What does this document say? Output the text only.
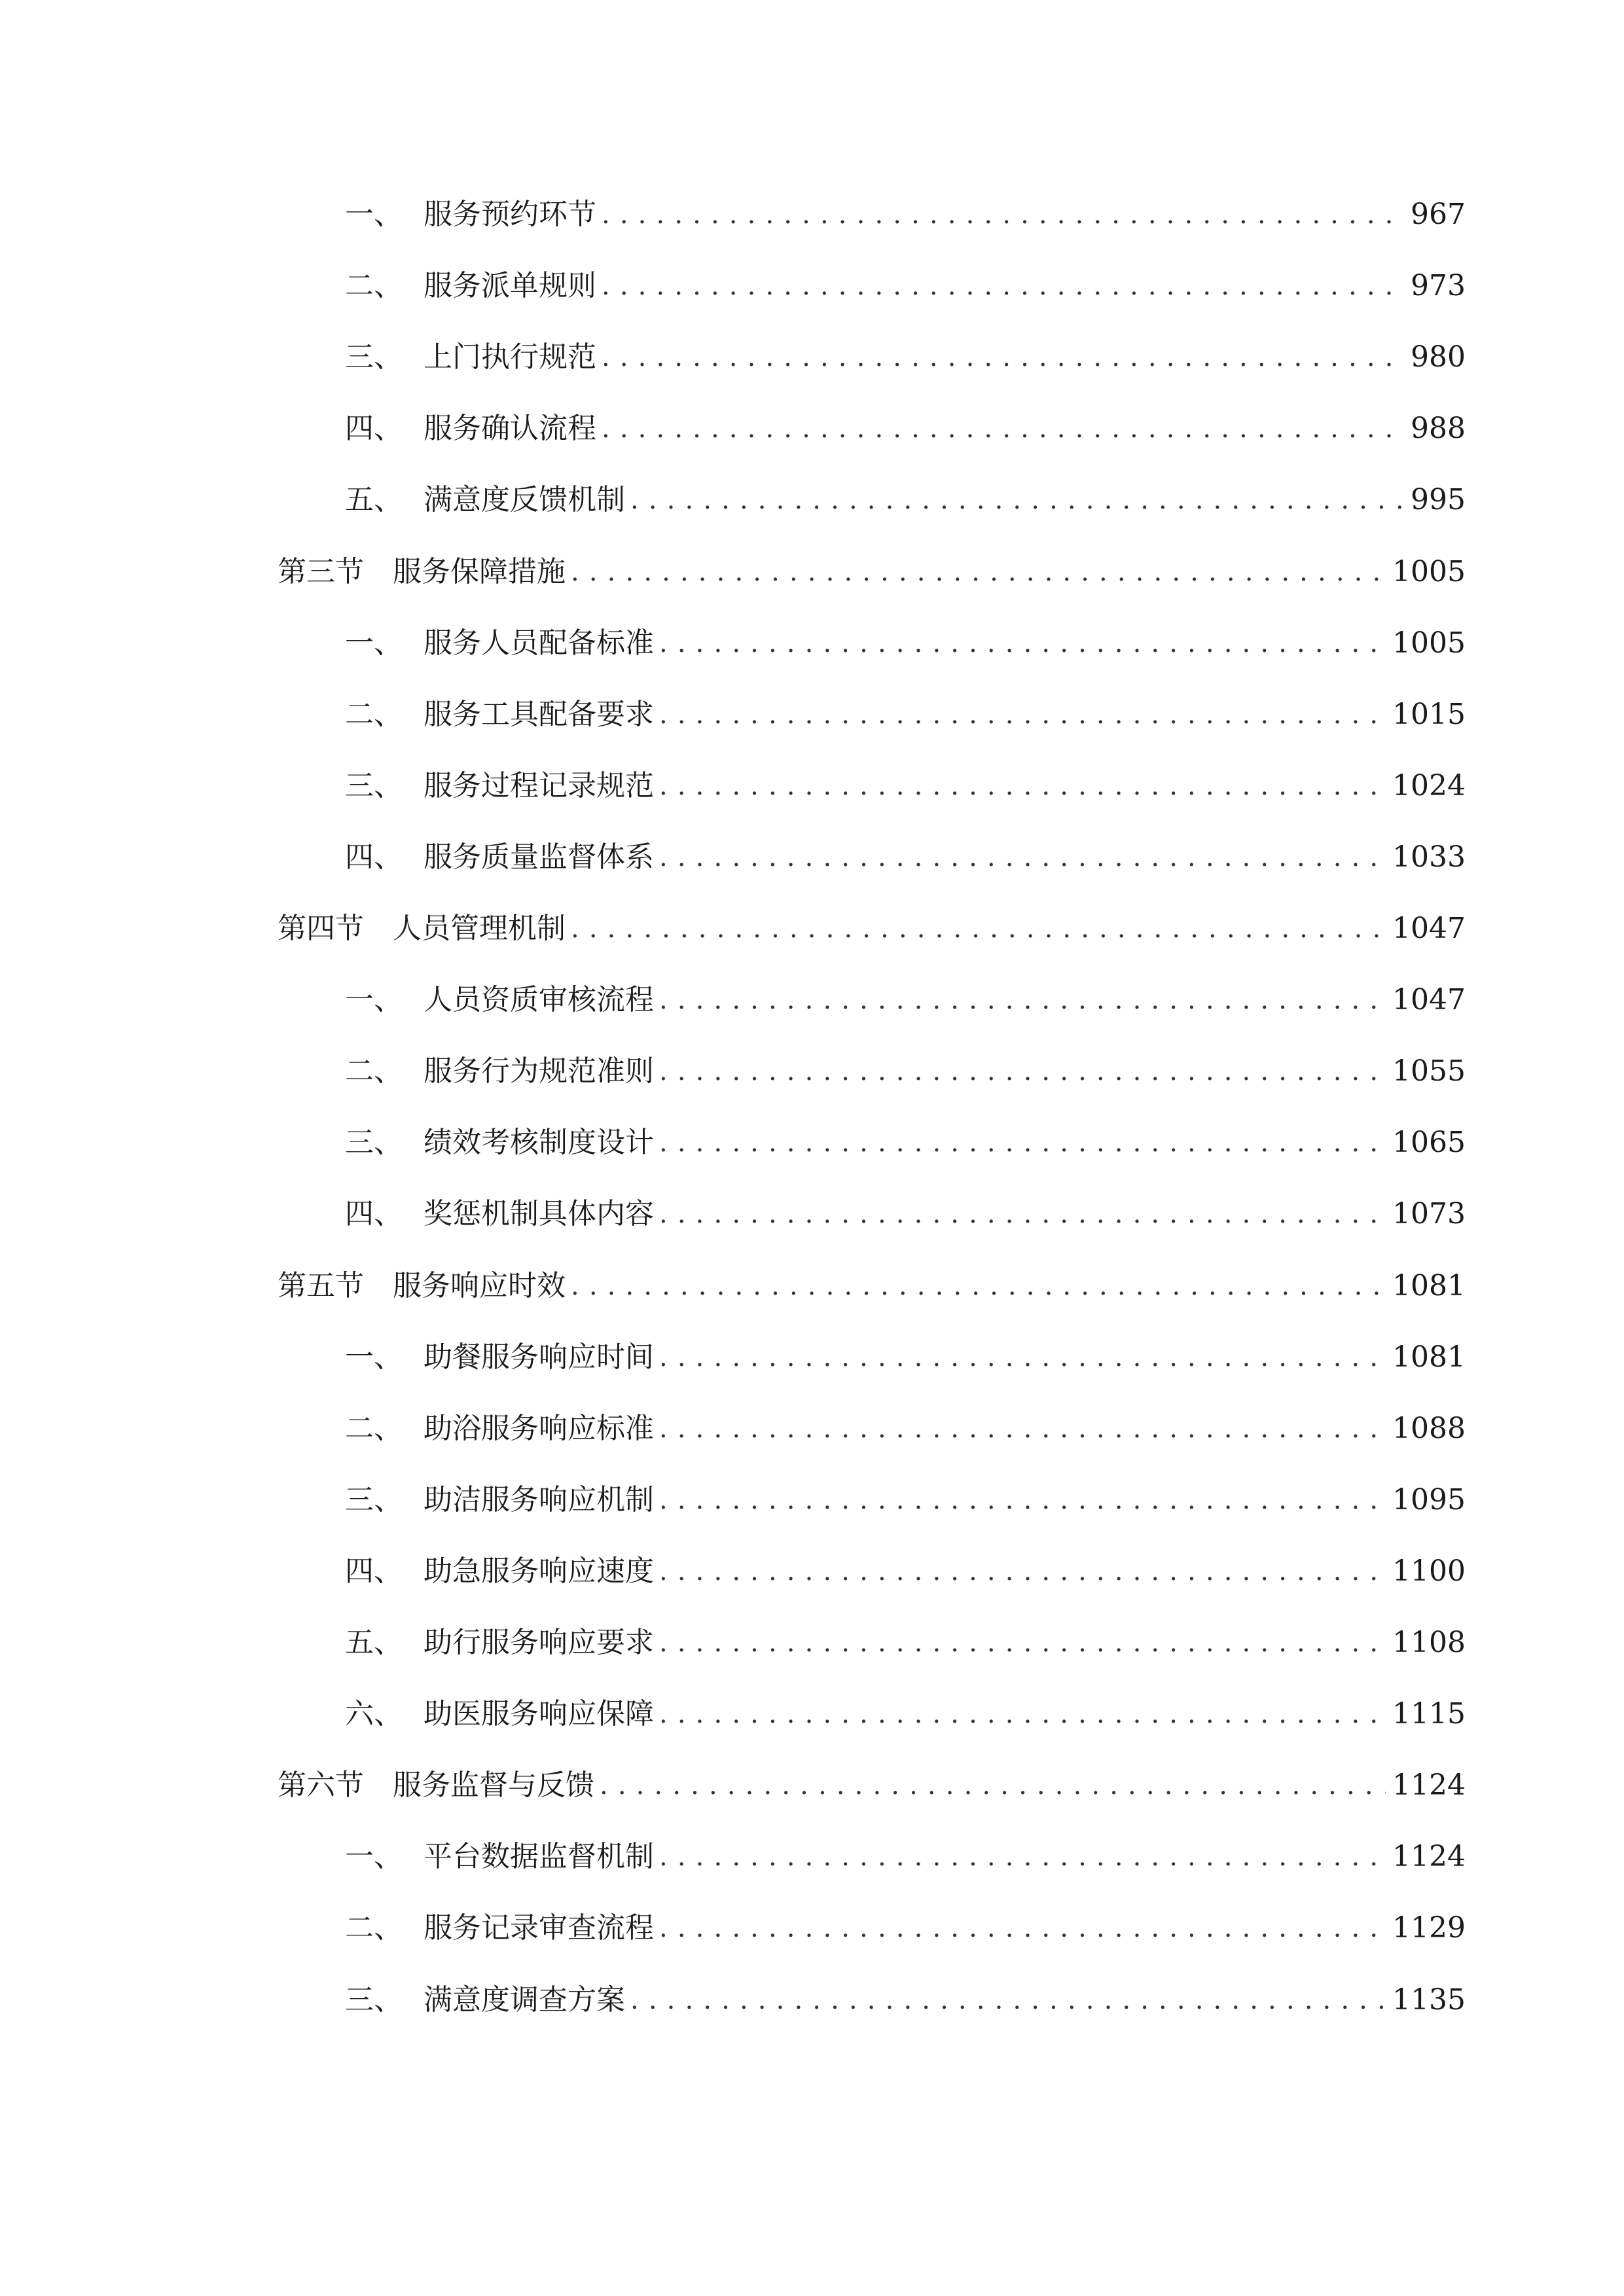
一、 服务预约环节 . . .	967
二、 服务派单规则 . . .	973
三、 上门执行规范 . . .	980
四、 服务确认流程 . . .	988
五、 满意度反馈机制 . . .	995
第三节	服务保障措施 . . .	1005
一、 服务人员配备标准 . . .	1005
二、 服务工具配备要求 . . .	1015
三、 服务过程记录规范 . . .	1024
四、 服务质量监督体系 . . .	1033
第四节	人员管理机制 . . .	1047
一、 人员资质审核流程 . . .	1047
二、 服务行为规范准则 . . .	1055
三、 绩效考核制度设计 . . .	1065
四、 奖惩机制具体内容 . . .	1073
第五节	服务响应时效 . . .	1081
一、 助餐服务响应时间 . . .	1081
二、 助浴服务响应标准 . . .	1088
三、 助洁服务响应机制 . . .	1095
四、 助急服务响应速度 . . .	1100
五、 助行服务响应要求 . . .	1108
六、 助医服务响应保障 . . .	1115
第六节	服务监督与反馈 . . .	1124
一、 平台数据监督机制 . . .	1124
二、 服务记录审查流程 . . .	1129
三、 满意度调查方案 . . .	1135
